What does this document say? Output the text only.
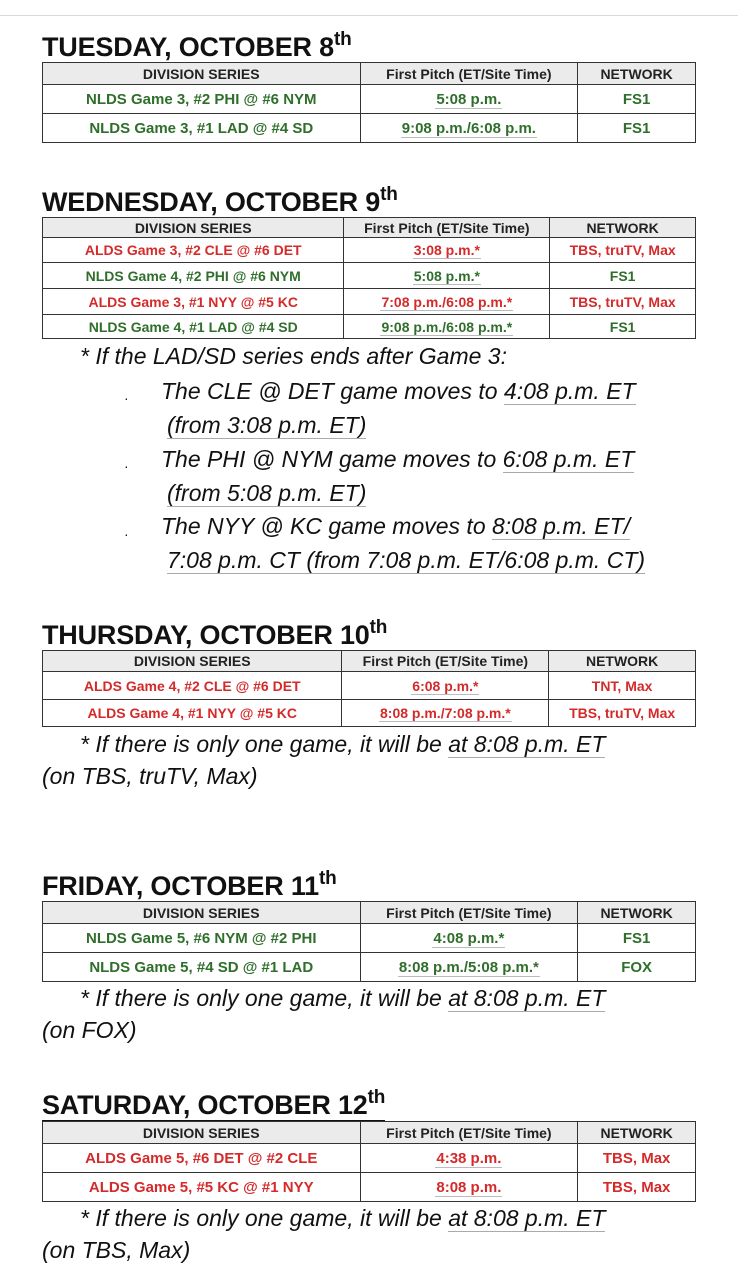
TUESDAY, OCTOBER 8th
DIVISION SERIES	First Pitch (ET/Site Time)	NETWORK
NLDS Game 3, #2 PHI @ #6 NYM	5:08 p.m.	FS1
NLDS Game 3, #1 LAD @ #4 SD	9:08 p.m./6:08 p.m.	FS1
WEDNESDAY, OCTOBER 9th
DIVISION SERIES	First Pitch (ET/Site Time)	NETWORK
ALDS Game 3, #2 CLE @ #6 DET	3:08 p.m.*	TBS, truTV, Max
NLDS Game 4, #2 PHI @ #6 NYM	5:08 p.m.*	FS1
ALDS Game 3, #1 NYY @ #5 KC	7:08 p.m./6:08 p.m.*	TBS, truTV, Max
NLDS Game 4, #1 LAD @ #4 SD	9:08 p.m./6:08 p.m.*	FS1
* If the LAD/SD series ends after Game 3:
· The CLE @ DET game moves to 4:08 p.m. ET
(from 3:08 p.m. ET)
· The PHI @ NYM game moves to 6:08 p.m. ET
(from 5:08 p.m. ET)
· The NYY @ KC game moves to 8:08 p.m. ET/
7:08 p.m. CT (from 7:08 p.m. ET/6:08 p.m. CT)
THURSDAY, OCTOBER 10th
DIVISION SERIES	First Pitch (ET/Site Time)	NETWORK
ALDS Game 4, #2 CLE @ #6 DET	6:08 p.m.*	TNT, Max
ALDS Game 4, #1 NYY @ #5 KC	8:08 p.m./7:08 p.m.*	TBS, truTV, Max
* If there is only one game, it will be at 8:08 p.m. ET
(on TBS, truTV, Max)
FRIDAY, OCTOBER 11th
DIVISION SERIES	First Pitch (ET/Site Time)	NETWORK
NLDS Game 5, #6 NYM @ #2 PHI	4:08 p.m.*	FS1
NLDS Game 5, #4 SD @ #1 LAD	8:08 p.m./5:08 p.m.*	FOX
* If there is only one game, it will be at 8:08 p.m. ET
(on FOX)
SATURDAY, OCTOBER 12th
DIVISION SERIES	First Pitch (ET/Site Time)	NETWORK
ALDS Game 5, #6 DET @ #2 CLE	4:38 p.m.	TBS, Max
ALDS Game 5, #5 KC @ #1 NYY	8:08 p.m.	TBS, Max
* If there is only one game, it will be at 8:08 p.m. ET
(on TBS, Max)
